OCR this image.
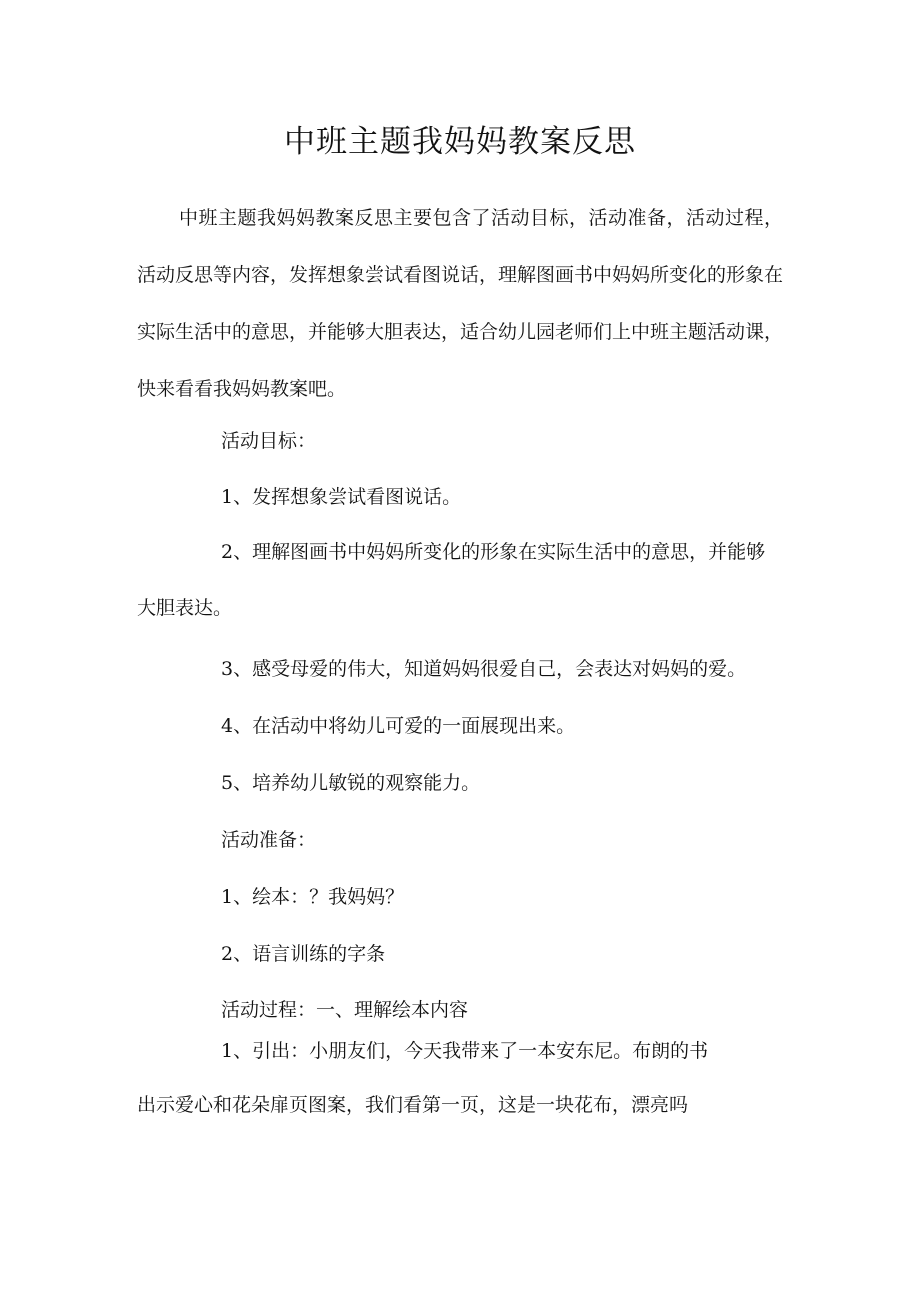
中班主题我妈妈教案反思

中班主题我妈妈教案反思主要包含了活动目标，活动准备，活动过程，活动反思等内容，发挥想象尝试看图说话，理解图画书中妈妈所变化的形象在实际生活中的意思，并能够大胆表达，适合幼儿园老师们上中班主题活动课，快来看看我妈妈教案吧。

活动目标：

1、发挥想象尝试看图说话。

2、理解图画书中妈妈所变化的形象在实际生活中的意思，并能够大胆表达。

3、感受母爱的伟大，知道妈妈很爱自己，会表达对妈妈的爱。

4、在活动中将幼儿可爱的一面展现出来。

5、培养幼儿敏锐的观察能力。

活动准备：

1、绘本：？我妈妈？

2、语言训练的字条

活动过程：一、理解绘本内容

1、引出：小朋友们，今天我带来了一本安东尼。布朗的书

出示爱心和花朵扉页图案，我们看第一页，这是一块花布，漂亮吗
